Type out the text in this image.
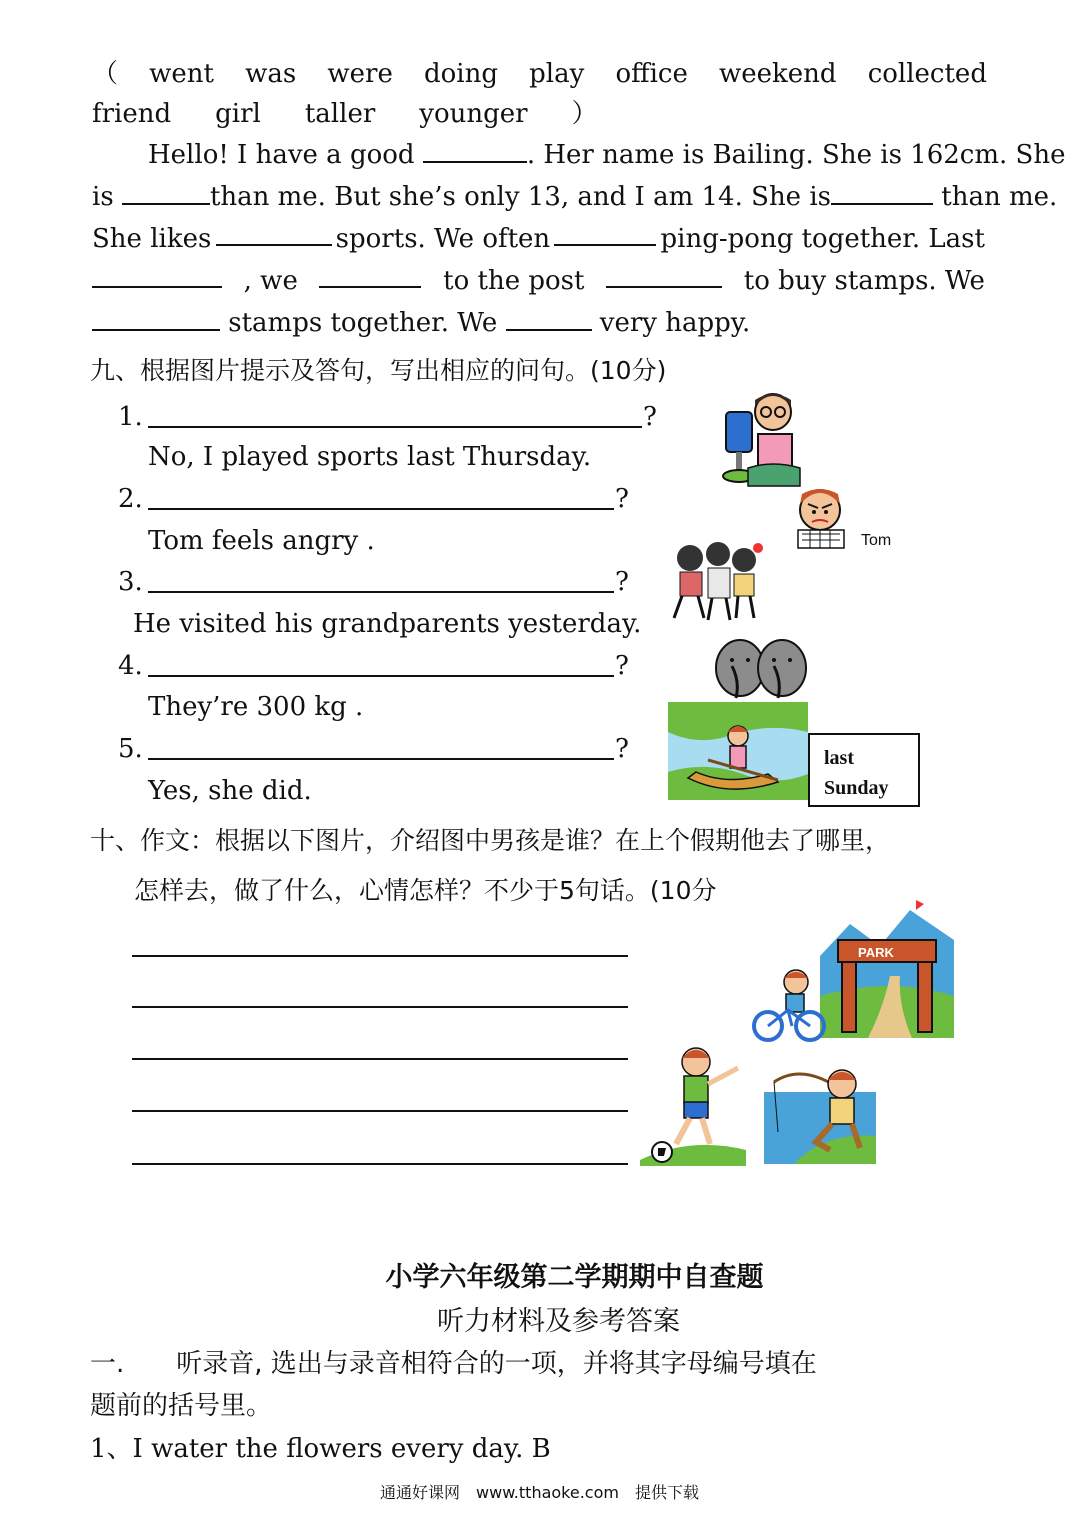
（ went was were doing play office weekend collected
friend girl taller younger ）
Hello! I have a good	. Her name is Bailing. She is 162cm. She
is	than me. But she’s only 13, and I am 14. She is	than me.
She likes	sports. We often	ping-pong together. Last
, we	to the post	to buy stamps. We
stamps together. We	very happy.
九、根据图片提示及答句，写出相应的问句。(10分)
1.	?
No, I played sports last Thursday.
2.	?
Tom feels angry .
3.	?
He visited his grandparents yesterday.
4.	?
They’re 300 kg .
5.	?
Yes, she did.
Tom
last
Sunday
十、作文：根据以下图片，介绍图中男孩是谁？在上个假期他去了哪里，
怎样去，做了什么，心情怎样？不少于5句话。(10分
PARK
小学六年级第二学期期中自查题
听力材料及参考答案
一.　　听录音, 选出与录音相符合的一项，并将其字母编号填在
题前的括号里。
1、I water the flowers every day. B
通通好课网　www.tthaoke.com　提供下载
